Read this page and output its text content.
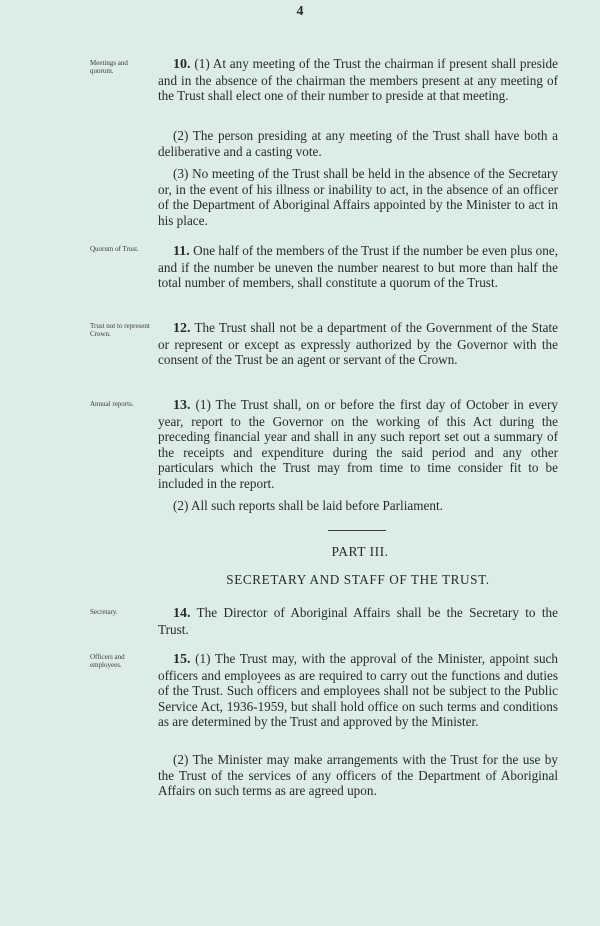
4
Meetings and quorum.	10. (1) At any meeting of the Trust the chairman if present shall preside and in the absence of the chairman the members present at any meeting of the Trust shall elect one of their number to preside at that meeting.
(2) The person presiding at any meeting of the Trust shall have both a deliberative and a casting vote.
(3) No meeting of the Trust shall be held in the absence of the Secretary or, in the event of his illness or inability to act, in the absence of an officer of the Department of Aboriginal Affairs appointed by the Minister to act in his place.
Quorum of Trust.	11. One half of the members of the Trust if the number be even plus one, and if the number be uneven the number nearest to but more than half the total number of members, shall constitute a quorum of the Trust.
Trust not to represent Crown.	12. The Trust shall not be a department of the Government of the State or represent or except as expressly authorized by the Governor with the consent of the Trust be an agent or servant of the Crown.
Annual reports.	13. (1) The Trust shall, on or before the first day of October in every year, report to the Governor on the working of this Act during the preceding financial year and shall in any such report set out a summary of the receipts and expenditure during the said period and any other particulars which the Trust may from time to time consider fit to be included in the report.
(2) All such reports shall be laid before Parliament.
PART III.
SECRETARY AND STAFF OF THE TRUST.
Secretary.	14. The Director of Aboriginal Affairs shall be the Secretary to the Trust.
Officers and employees.	15. (1) The Trust may, with the approval of the Minister, appoint such officers and employees as are required to carry out the functions and duties of the Trust. Such officers and employees shall not be subject to the Public Service Act, 1936-1959, but shall hold office on such terms and conditions as are determined by the Trust and approved by the Minister.
(2) The Minister may make arrangements with the Trust for the use by the Trust of the services of any officers of the Department of Aboriginal Affairs on such terms as are agreed upon.
